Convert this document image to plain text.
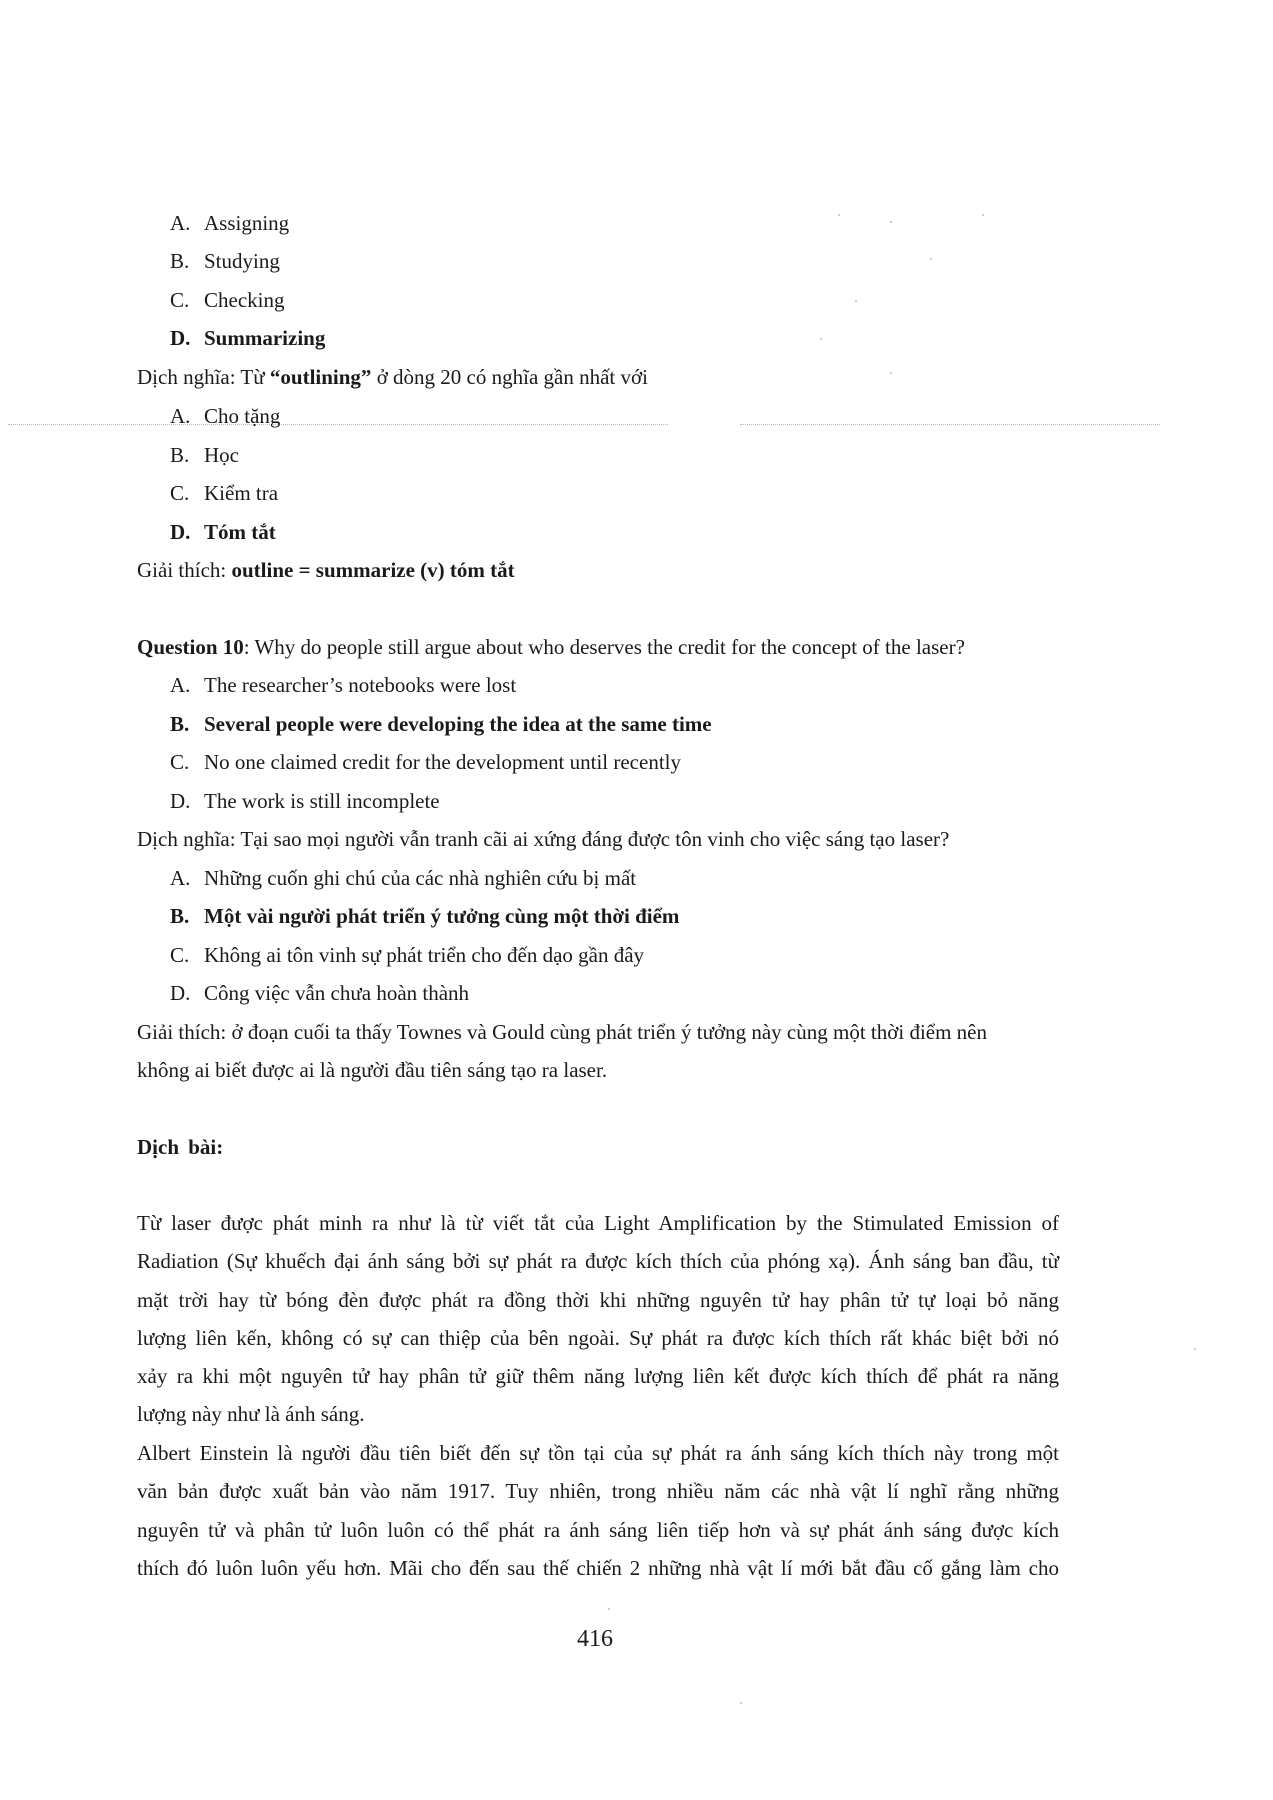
A. Assigning
B. Studying
C. Checking
D. Summarizing
Dịch nghĩa: Từ “outlining” ở dòng 20 có nghĩa gần nhất với
A. Cho tặng
B. Học
C. Kiểm tra
D. Tóm tắt
Giải thích: outline = summarize (v) tóm tắt
Question 10: Why do people still argue about who deserves the credit for the concept of the laser?
A. The researcher’s notebooks were lost
B. Several people were developing the idea at the same time
C. No one claimed credit for the development until recently
D. The work is still incomplete
Dịch nghĩa: Tại sao mọi người vẫn tranh cãi ai xứng đáng được tôn vinh cho việc sáng tạo laser?
A. Những cuốn ghi chú của các nhà nghiên cứu bị mất
B. Một vài người phát triển ý tưởng cùng một thời điểm
C. Không ai tôn vinh sự phát triển cho đến dạo gần đây
D. Công việc vẫn chưa hoàn thành
Giải thích: ở đoạn cuối ta thấy Townes và Gould cùng phát triển ý tưởng này cùng một thời điểm nên
không ai biết được ai là người đầu tiên sáng tạo ra laser.
Dịch bài:
Từ laser được phát minh ra như là từ viết tắt của Light Amplification by the Stimulated Emission of
Radiation (Sự khuếch đại ánh sáng bởi sự phát ra được kích thích của phóng xạ). Ánh sáng ban đầu, từ
mặt trời hay từ bóng đèn được phát ra đồng thời khi những nguyên tử hay phân tử tự loại bỏ năng
lượng liên kến, không có sự can thiệp của bên ngoài. Sự phát ra được kích thích rất khác biệt bởi nó
xảy ra khi một nguyên tử hay phân tử giữ thêm năng lượng liên kết được kích thích để phát ra năng
lượng này như là ánh sáng.
Albert Einstein là người đầu tiên biết đến sự tồn tại của sự phát ra ánh sáng kích thích này trong một
văn bản được xuất bản vào năm 1917. Tuy nhiên, trong nhiều năm các nhà vật lí nghĩ rằng những
nguyên tử và phân tử luôn luôn có thể phát ra ánh sáng liên tiếp hơn và sự phát ánh sáng được kích
thích đó luôn luôn yếu hơn. Mãi cho đến sau thế chiến 2 những nhà vật lí mới bắt đầu cố gắng làm cho
416
